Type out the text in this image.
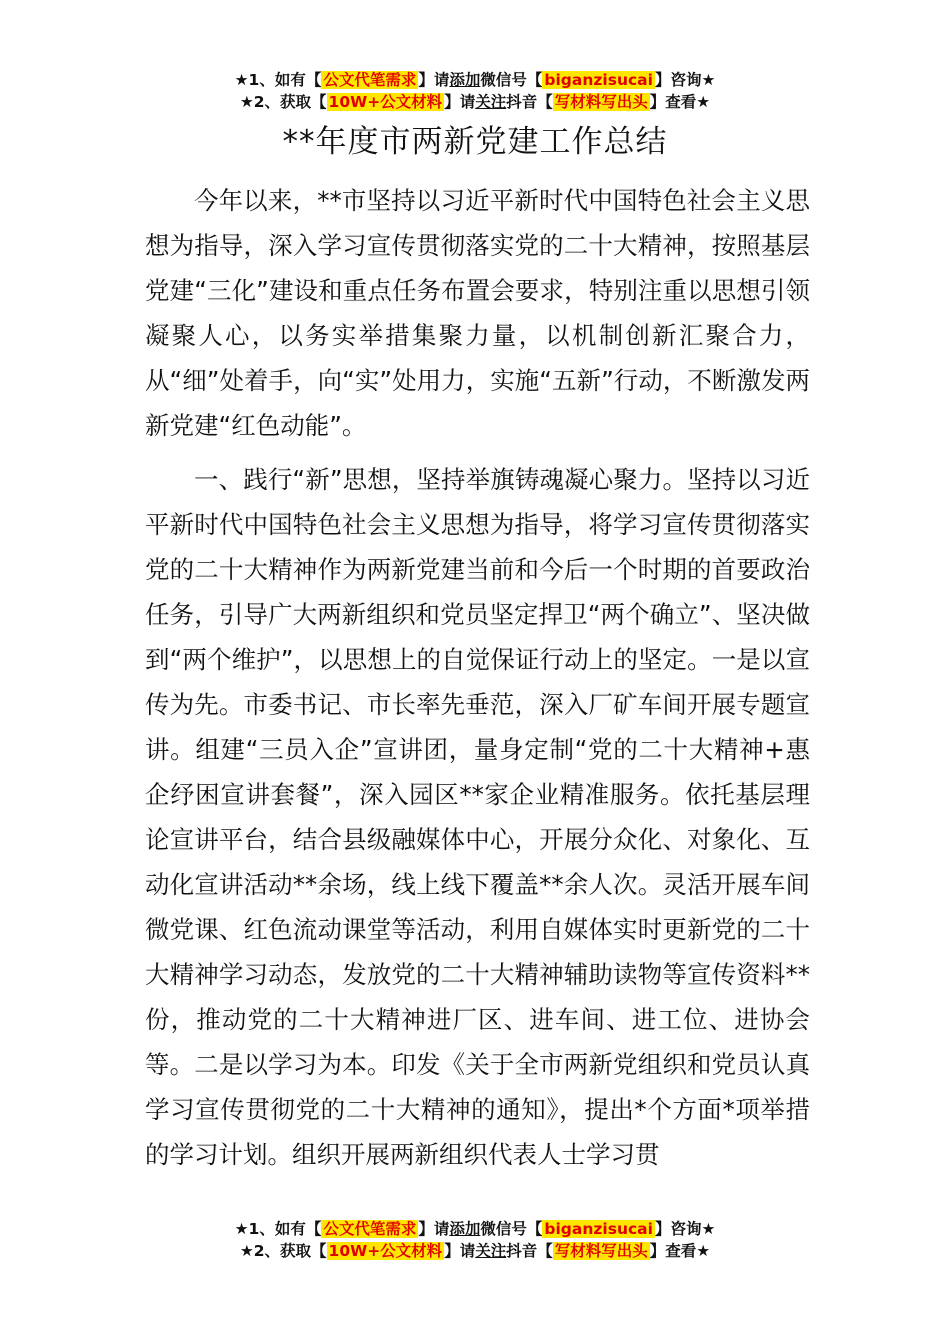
★1、如有【 公文代笔需求 】请添加微信号【 biganzisucai 】咨询★
★2、获取【 10W+公文材料 】请关注抖音【 写材料写出头 】查看★
**年度市两新党建工作总结

今年以来，**市坚持以习近平新时代中国特色社会主义思想为指导，深入学习宣传贯彻落实党的二十大精神，按照基层党建“三化”建设和重点任务布置会要求，特别注重以思想引领凝聚人心，以务实举措集聚力量，以机制创新汇聚合力，从“细”处着手，向“实”处用力，实施“五新”行动，不断激发两新党建“红色动能”。

一、践行“新”思想，坚持举旗铸魂凝心聚力。坚持以习近平新时代中国特色社会主义思想为指导，将学习宣传贯彻落实党的二十大精神作为两新党建当前和今后一个时期的首要政治任务，引导广大两新组织和党员坚定捍卫“两个确立”、坚决做到“两个维护”，以思想上的自觉保证行动上的坚定。一是以宣传为先。市委书记、市长率先垂范，深入厂矿车间开展专题宣讲。组建“三员入企”宣讲团，量身定制“党的二十大精神+惠企纾困宣讲套餐”，深入园区**家企业精准服务。依托基层理论宣讲平台，结合县级融媒体中心，开展分众化、对象化、互动化宣讲活动**余场，线上线下覆盖**余人次。灵活开展车间微党课、红色流动课堂等活动，利用自媒体实时更新党的二十大精神学习动态，发放党的二十大精神辅助读物等宣传资料**份，推动党的二十大精神进厂区、进车间、进工位、进协会等。二是以学习为本。印发《关于全市两新党组织和党员认真学习宣传贯彻党的二十大精神的通知》，提出*个方面*项举措的学习计划。组织开展两新组织代表人士学习贯

★1、如有【 公文代笔需求 】请添加微信号【 biganzisucai 】咨询★
★2、获取【 10W+公文材料 】请关注抖音【 写材料写出头 】查看★
